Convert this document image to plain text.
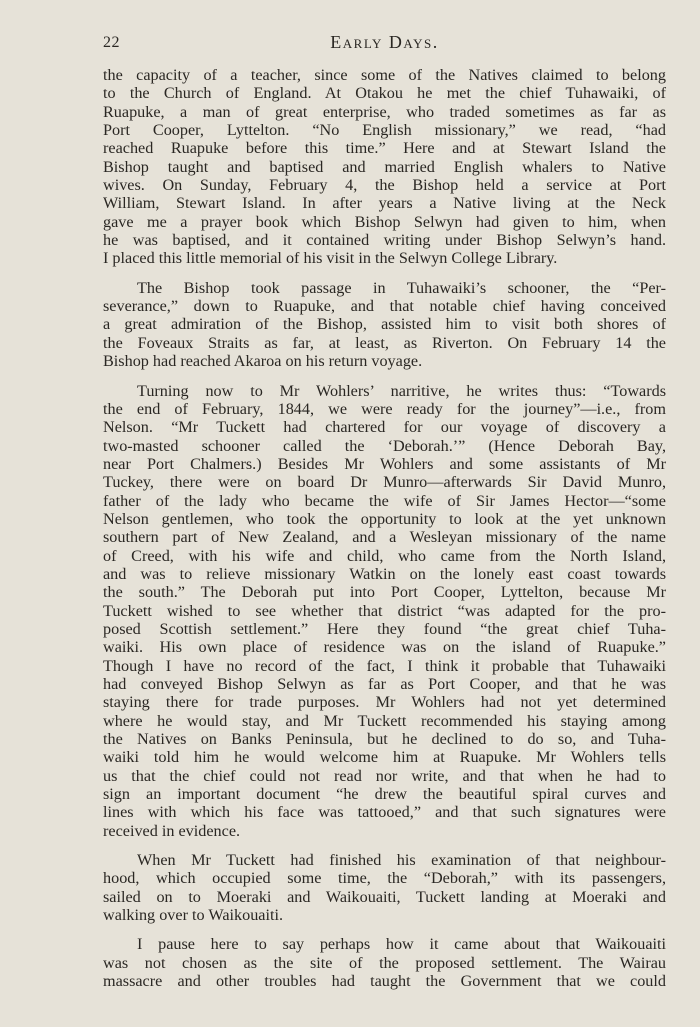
22	Early Days.

the capacity of a teacher, since some of the Natives claimed to belong
to the Church of England. At Otakou he met the chief Tuhawaiki, of
Ruapuke, a man of great enterprise, who traded sometimes as far as
Port Cooper, Lyttelton. “No English missionary,” we read, “had
reached Ruapuke before this time.” Here and at Stewart Island the
Bishop taught and baptised and married English whalers to Native
wives. On Sunday, February 4, the Bishop held a service at Port
William, Stewart Island. In after years a Native living at the Neck
gave me a prayer book which Bishop Selwyn had given to him, when
he was baptised, and it contained writing under Bishop Selwyn’s hand.
I placed this little memorial of his visit in the Selwyn College Library.

The Bishop took passage in Tuhawaiki’s schooner, the “Per-
severance,” down to Ruapuke, and that notable chief having conceived
a great admiration of the Bishop, assisted him to visit both shores of
the Foveaux Straits as far, at least, as Riverton. On February 14 the
Bishop had reached Akaroa on his return voyage.

Turning now to Mr Wohlers’ narritive, he writes thus: “Towards
the end of February, 1844, we were ready for the journey”—i.e., from
Nelson. “Mr Tuckett had chartered for our voyage of discovery a
two-masted schooner called the ‘Deborah.’” (Hence Deborah Bay,
near Port Chalmers.) Besides Mr Wohlers and some assistants of Mr
Tuckey, there were on board Dr Munro—afterwards Sir David Munro,
father of the lady who became the wife of Sir James Hector—“some
Nelson gentlemen, who took the opportunity to look at the yet unknown
southern part of New Zealand, and a Wesleyan missionary of the name
of Creed, with his wife and child, who came from the North Island,
and was to relieve missionary Watkin on the lonely east coast towards
the south.” The Deborah put into Port Cooper, Lyttelton, because Mr
Tuckett wished to see whether that district “was adapted for the pro-
posed Scottish settlement.” Here they found “the great chief Tuha-
waiki. His own place of residence was on the island of Ruapuke.”
Though I have no record of the fact, I think it probable that Tuhawaiki
had conveyed Bishop Selwyn as far as Port Cooper, and that he was
staying there for trade purposes. Mr Wohlers had not yet determined
where he would stay, and Mr Tuckett recommended his staying among
the Natives on Banks Peninsula, but he declined to do so, and Tuha-
waiki told him he would welcome him at Ruapuke. Mr Wohlers tells
us that the chief could not read nor write, and that when he had to
sign an important document “he drew the beautiful spiral curves and
lines with which his face was tattooed,” and that such signatures were
received in evidence.

When Mr Tuckett had finished his examination of that neighbour-
hood, which occupied some time, the “Deborah,” with its passengers,
sailed on to Moeraki and Waikouaiti, Tuckett landing at Moeraki and
walking over to Waikouaiti.

I pause here to say perhaps how it came about that Waikouaiti
was not chosen as the site of the proposed settlement. The Wairau
massacre and other troubles had taught the Government that we could
